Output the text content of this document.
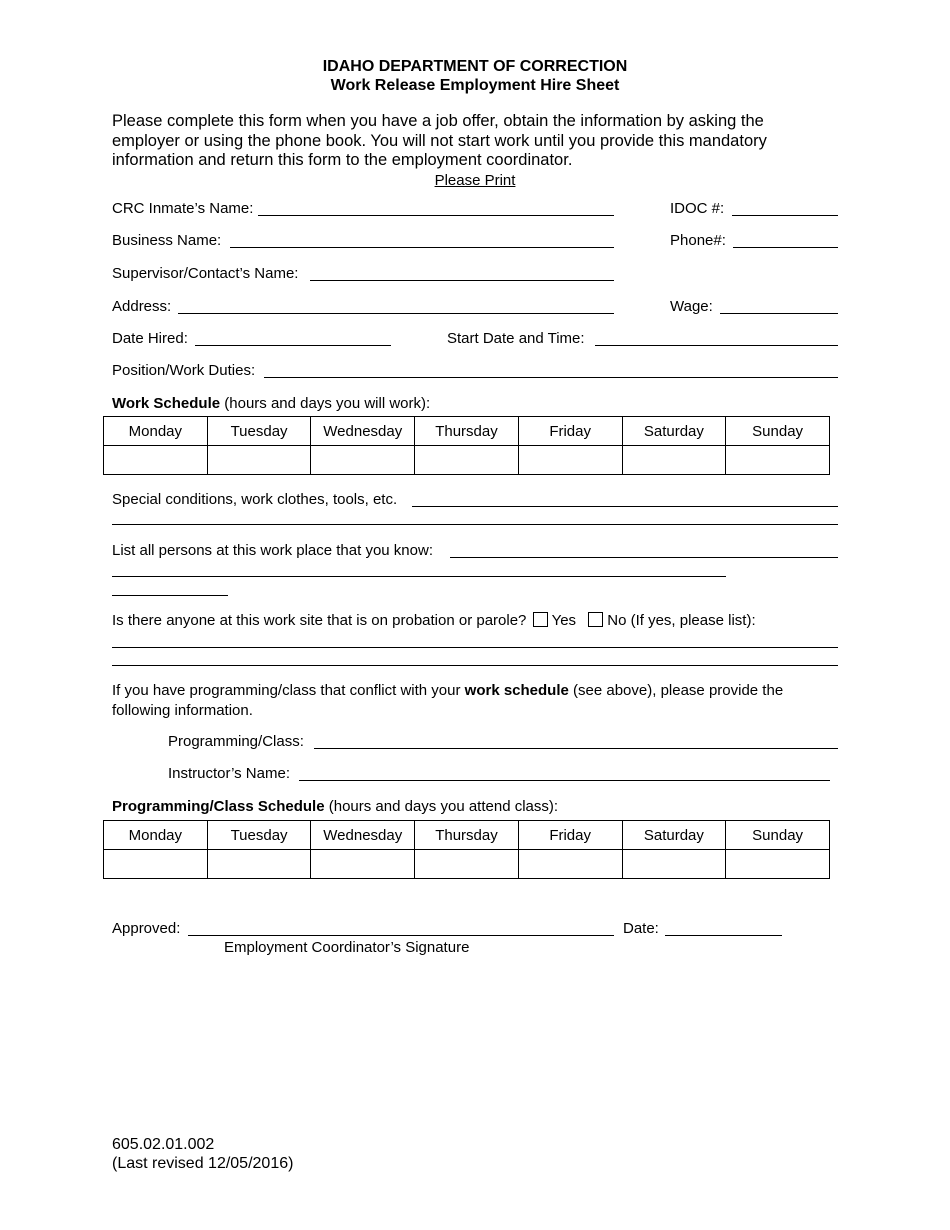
IDAHO DEPARTMENT OF CORRECTION
Work Release Employment Hire Sheet
Please complete this form when you have a job offer, obtain the information by asking the employer or using the phone book. You will not start work until you provide this mandatory information and return this form to the employment coordinator.
Please Print
CRC Inmate’s Name:	IDOC #:
Business Name:	Phone#:
Supervisor/Contact’s Name:
Address:	Wage:
Date Hired:	Start Date and Time:
Position/Work Duties:
Work Schedule (hours and days you will work):
Monday	Tuesday	Wednesday	Thursday	Friday	Saturday	Sunday

Special conditions, work clothes, tools, etc.
List all persons at this work place that you know:
Is there anyone at this work site that is on probation or parole? Yes No (If yes, please list):
If you have programming/class that conflict with your work schedule (see above), please provide the following information.
Programming/Class:
Instructor’s Name:
Programming/Class Schedule (hours and days you attend class):
Monday	Tuesday	Wednesday	Thursday	Friday	Saturday	Sunday

Approved:	Date:
Employment Coordinator’s Signature
605.02.01.002
(Last revised 12/05/2016)
